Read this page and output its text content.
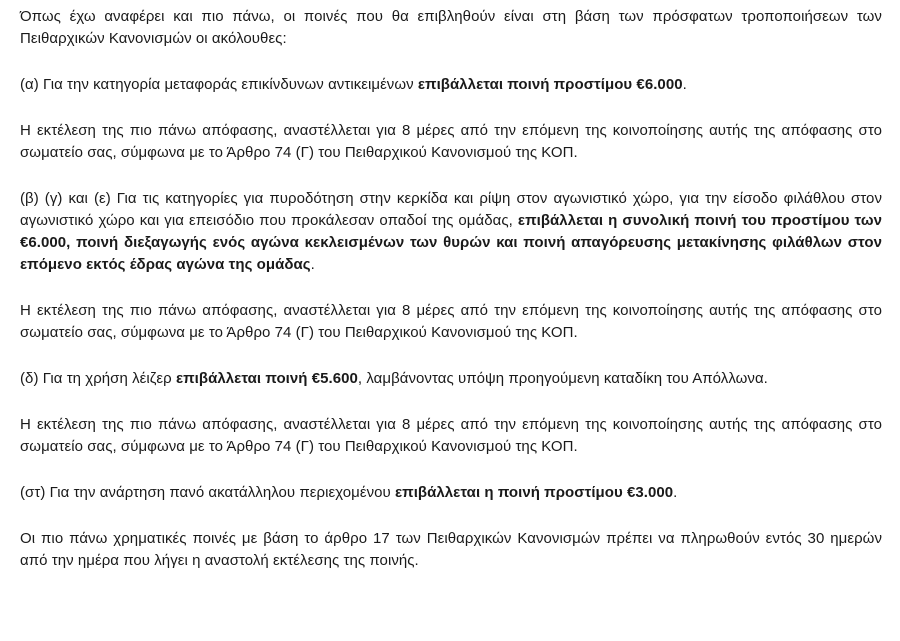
Όπως έχω αναφέρει και πιο πάνω, οι ποινές που θα επιβληθούν είναι στη βάση των πρόσφατων τροποποιήσεων των Πειθαρχικών Κανονισμών οι ακόλουθες:

(α) Για την κατηγορία μεταφοράς επικίνδυνων αντικειμένων επιβάλλεται ποινή προστίμου €6.000.

Η εκτέλεση της πιο πάνω απόφασης, αναστέλλεται για 8 μέρες από την επόμενη της κοινοποίησης αυτής της απόφασης στο σωματείο σας, σύμφωνα με το Άρθρο 74 (Γ) του Πειθαρχικού Κανονισμού της ΚΟΠ.

(β) (γ) και (ε) Για τις κατηγορίες για πυροδότηση στην κερκίδα και ρίψη στον αγωνιστικό χώρο, για την είσοδο φιλάθλου στον αγωνιστικό χώρο και για επεισόδιο που προκάλεσαν οπαδοί της ομάδας, επιβάλλεται η συνολική ποινή του προστίμου των €6.000, ποινή διεξαγωγής ενός αγώνα κεκλεισμένων των θυρών και ποινή απαγόρευσης μετακίνησης φιλάθλων στον επόμενο εκτός έδρας αγώνα της ομάδας.

Η εκτέλεση της πιο πάνω απόφασης, αναστέλλεται για 8 μέρες από την επόμενη της κοινοποίησης αυτής της απόφασης στο σωματείο σας, σύμφωνα με το Άρθρο 74 (Γ) του Πειθαρχικού Κανονισμού της ΚΟΠ.

(δ) Για τη χρήση λέιζερ επιβάλλεται ποινή €5.600, λαμβάνοντας υπόψη προηγούμενη καταδίκη του Απόλλωνα.

Η εκτέλεση της πιο πάνω απόφασης, αναστέλλεται για 8 μέρες από την επόμενη της κοινοποίησης αυτής της απόφασης στο σωματείο σας, σύμφωνα με το Άρθρο 74 (Γ) του Πειθαρχικού Κανονισμού της ΚΟΠ.

(στ) Για την ανάρτηση πανό ακατάλληλου περιεχομένου επιβάλλεται η ποινή προστίμου €3.000.

Οι πιο πάνω χρηματικές ποινές με βάση το άρθρο 17 των Πειθαρχικών Κανονισμών πρέπει να πληρωθούν εντός 30 ημερών από την ημέρα που λήγει η αναστολή εκτέλεσης της ποινής.
